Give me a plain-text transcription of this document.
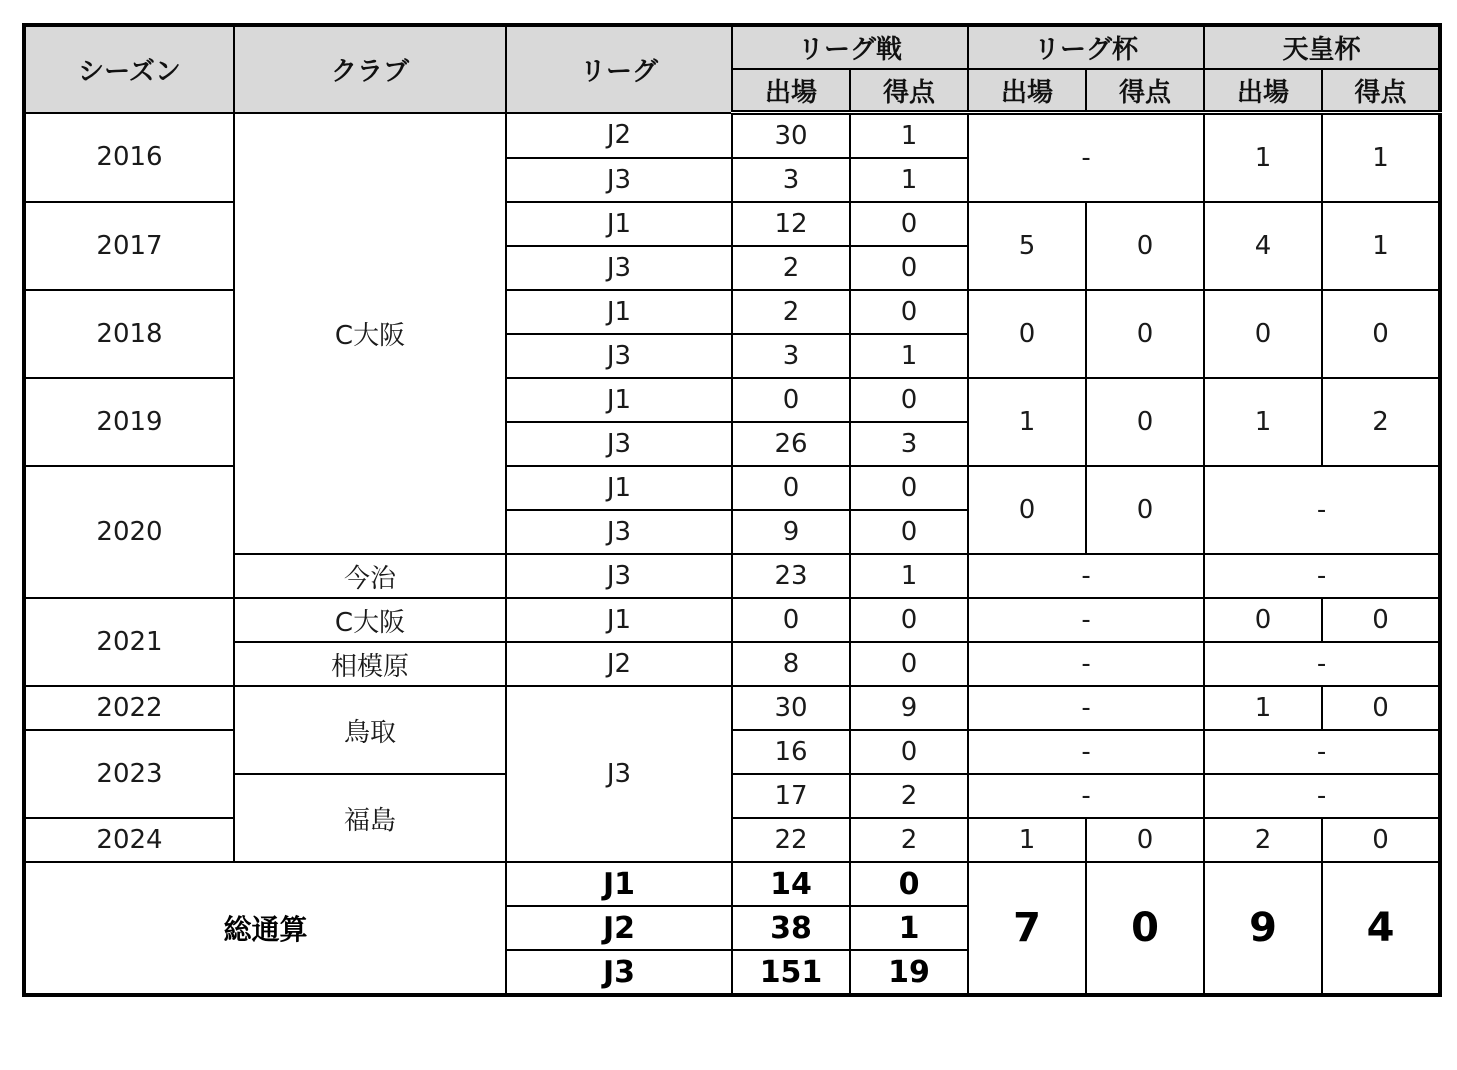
シーズン	クラブ	リーグ	リーグ戦		リーグ杯		天皇杯	
			出場	得点	出場	得点	出場	得点
2016	C大阪	J2	30	1	-		1	1
		J3	3	1				
2017		J1	12	0	5	0	4	1
		J3	2	0				
2018		J1	2	0	0	0	0	0
		J3	3	1				
2019		J1	0	0	1	0	1	2
		J3	26	3				
2020		J1	0	0	0	0	-	
		J3	9	0				
	今治	J3	23	1	-		-	
2021	C大阪	J1	0	0	-		0	0
	相模原	J2	8	0	-		-	
2022	鳥取	J3	30	9	-		1	0
2023			16	0	-		-	
	福島		17	2	-		-	
2024			22	2	1	0	2	0
総通算		J1	14	0	7	0	9	4
		J2	38	1				
		J3	151	19				
